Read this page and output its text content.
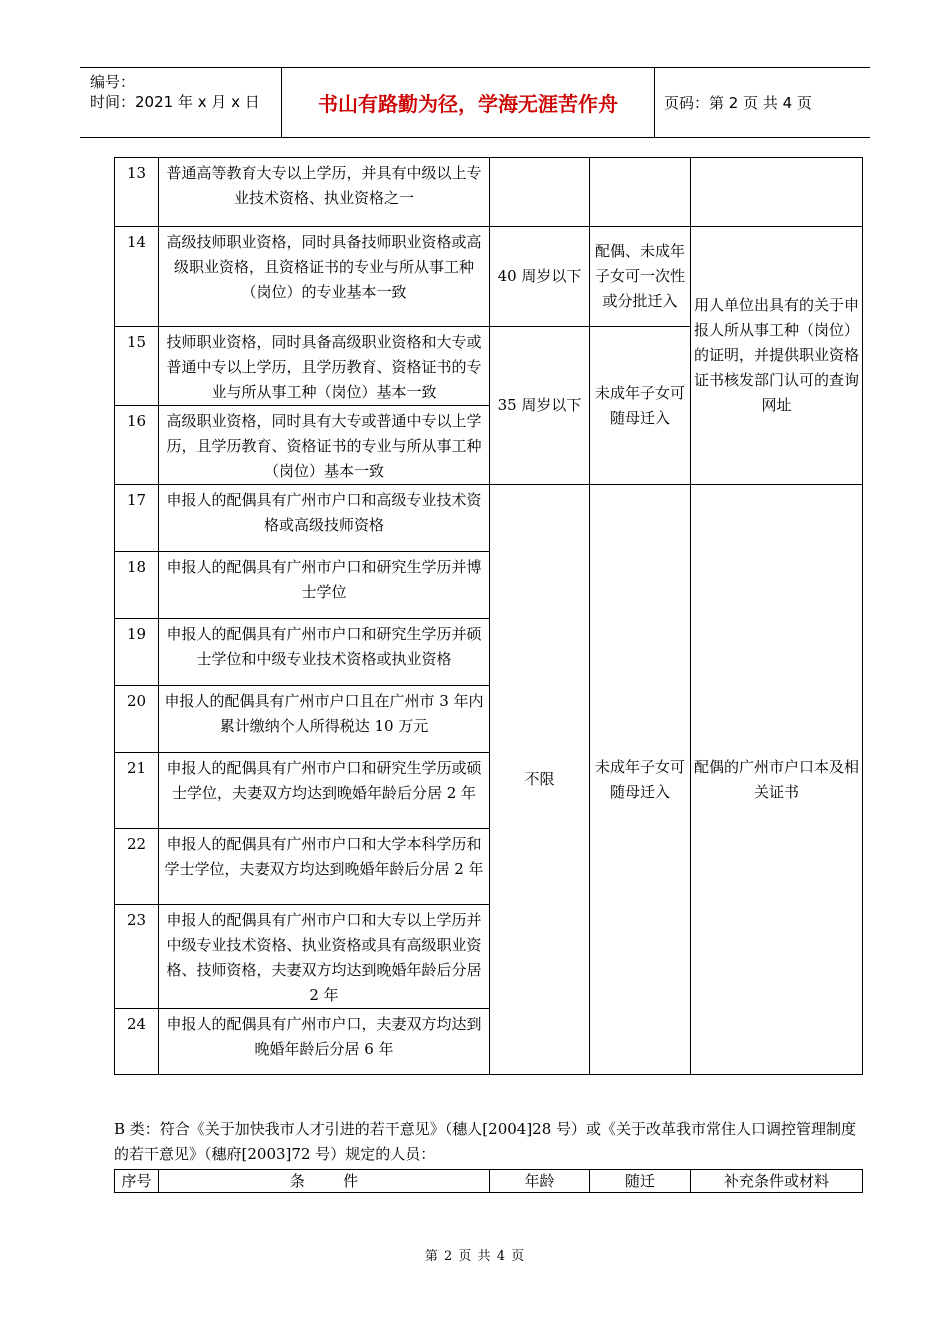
编号：
时间：2021 年 x 月 x 日	书山有路勤为径，学海无涯苦作舟	页码：第 2 页 共 4 页
13	普通高等教育大专以上学历，并具有中级以上专业技术资格、执业资格之一			
14	高级技师职业资格，同时具备技师职业资格或高级职业资格，且资格证书的专业与所从事工种（岗位）的专业基本一致	40 周岁以下	配偶、未成年子女可一次性或分批迁入	用人单位出具有的关于申报人所从事工种（岗位）的证明，并提供职业资格证书核发部门认可的查询网址
15	技师职业资格，同时具备高级职业资格和大专或普通中专以上学历，且学历教育、资格证书的专业与所从事工种（岗位）基本一致	35 周岁以下	未成年子女可随母迁入	
16	高级职业资格，同时具有大专或普通中专以上学历，且学历教育、资格证书的专业与所从事工种（岗位）基本一致			
17	申报人的配偶具有广州市户口和高级专业技术资格或高级技师资格	不限	未成年子女可随母迁入	配偶的广州市户口本及相关证书
18	申报人的配偶具有广州市户口和研究生学历并博士学位			
19	申报人的配偶具有广州市户口和研究生学历并硕士学位和中级专业技术资格或执业资格			
20	申报人的配偶具有广州市户口且在广州市 3 年内累计缴纳个人所得税达 10 万元			
21	申报人的配偶具有广州市户口和研究生学历或硕士学位，夫妻双方均达到晚婚年龄后分居 2 年			
22	申报人的配偶具有广州市户口和大学本科学历和学士学位，夫妻双方均达到晚婚年龄后分居 2 年			
23	申报人的配偶具有广州市户口和大专以上学历并中级专业技术资格、执业资格或具有高级职业资格、技师资格，夫妻双方均达到晚婚年龄后分居 2 年			
24	申报人的配偶具有广州市户口，夫妻双方均达到晚婚年龄后分居 6 年			
B 类：符合《关于加快我市人才引进的若干意见》（穗人[2004]28 号）或《关于改革我市常住人口调控管理制度的若干意见》（穗府[2003]72 号）规定的人员：
序号	条        件	年龄	随迁	补充条件或材料
第 2 页 共 4 页
